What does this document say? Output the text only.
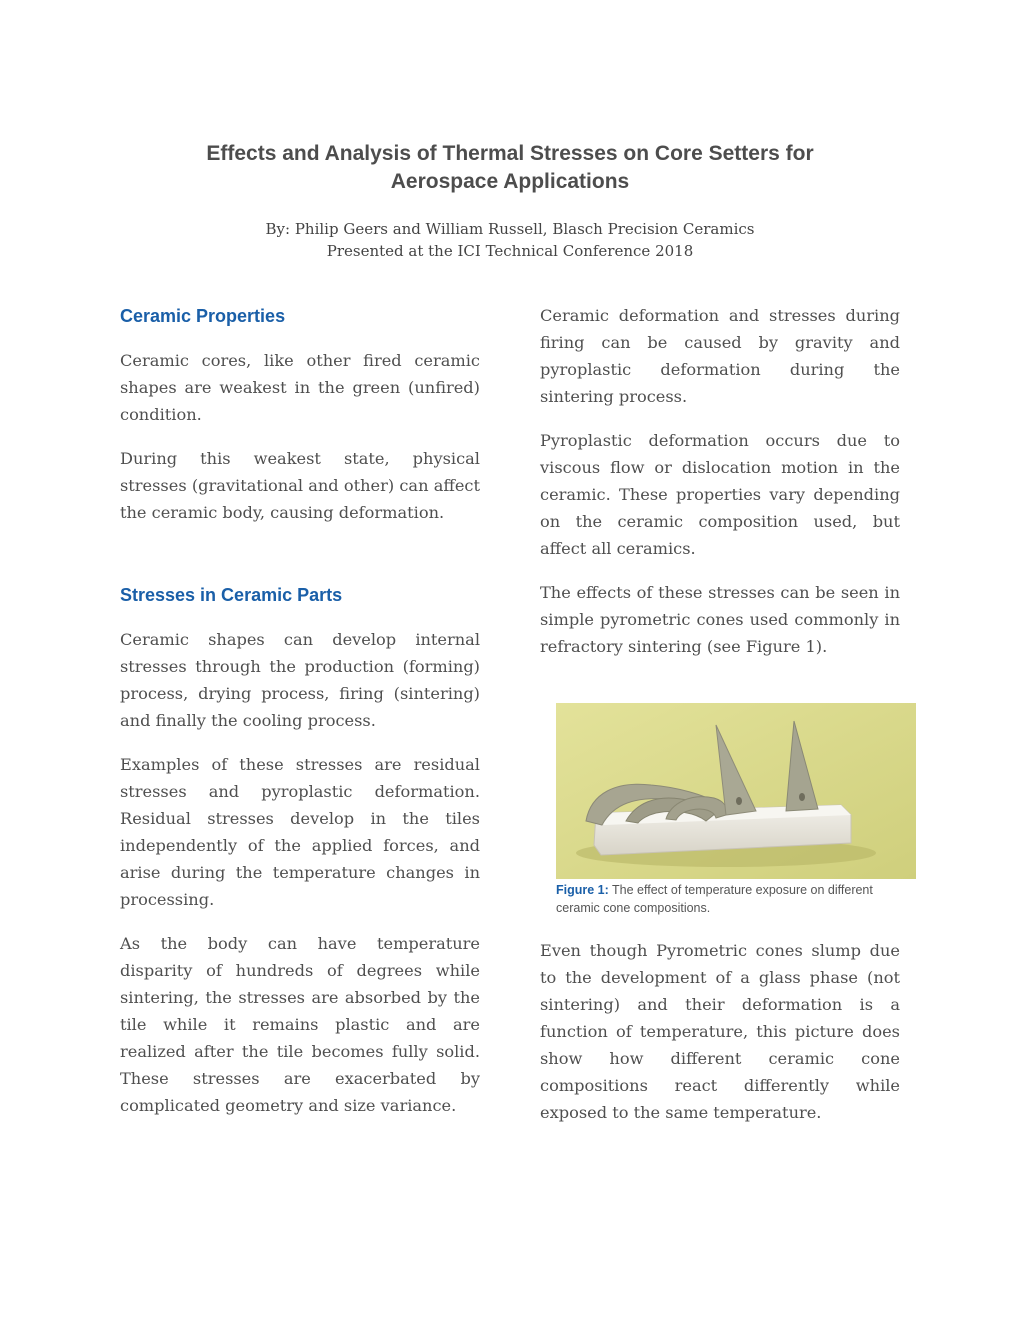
Effects and Analysis of Thermal Stresses on Core Setters for
Aerospace Applications
By: Philip Geers and William Russell, Blasch Precision Ceramics
Presented at the ICI Technical Conference 2018
Ceramic Properties

Ceramic cores, like other fired ceramic shapes are weakest in the green (unfired) condition.

During this weakest state, physical stresses (gravitational and other) can affect the ceramic body, causing deformation.

Stresses in Ceramic Parts

Ceramic shapes can develop internal stresses through the production (forming) process, drying process, firing (sintering) and finally the cooling process.

Examples of these stresses are residual stresses and pyroplastic deformation. Residual stresses develop in the tiles independently of the applied forces, and arise during the temperature changes in processing.

As the body can have temperature disparity of hundreds of degrees while sintering, the stresses are absorbed by the tile while it remains plastic and are realized after the tile becomes fully solid. These stresses are exacerbated by complicated geometry and size variance.

Ceramic deformation and stresses during firing can be caused by gravity and pyroplastic deformation during the sintering process.

Pyroplastic deformation occurs due to viscous flow or dislocation motion in the ceramic. These properties vary depending on the ceramic composition used, but affect all ceramics.

The effects of these stresses can be seen in simple pyrometric cones used commonly in refractory sintering (see Figure 1).

Figure 1: The effect of temperature exposure on different ceramic cone compositions.

Even though Pyrometric cones slump due to the development of a glass phase (not sintering) and their deformation is a function of temperature, this picture does show how different ceramic cone compositions react differently while exposed to the same temperature.
